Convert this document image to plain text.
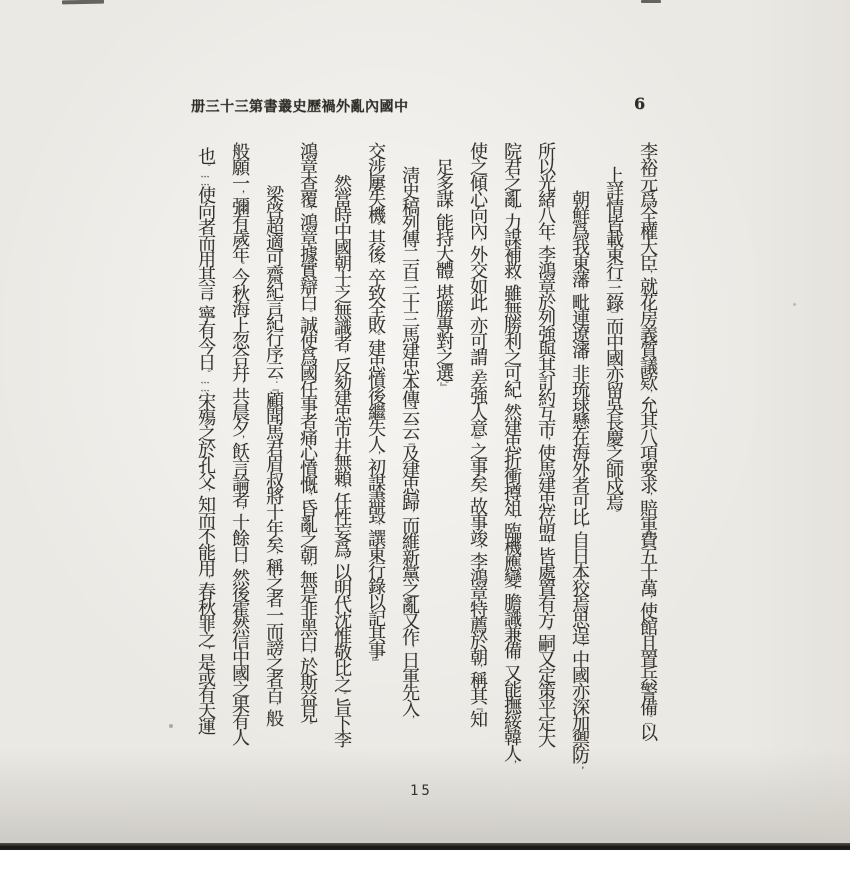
册三十三第書叢史歷禍外亂內國中	6
李裕元爲全權大臣，就花房義質議欵，允其八項要求，賠軍費五十萬，使館且置兵警備。〔以
上詳情皆載東行三錄〕而中國亦留吳長慶之師戍焉。
朝鮮爲我東藩，毗連遼瀋，非琉球懸在海外者可比，自日本狡焉思逞，中國亦深加禦防；
所以光緒八年，李鴻章於列強與其訂約互市，使馬建忠莅盟，皆處置有方。嗣又定策平定大
院君之亂，力謀補救，雖無勝利之可紀，然建忠折衝撙俎，臨機應變，膽識兼備，又能撫綏韓人，
使之傾心向內，外交如此，亦可謂『差強人意』之事矣。故事竣，李鴻章特薦於朝，稱其『知
足多謀，能持大體，堪勝專對之選。』
淸史稿列傳二百三十三馬建忠本傳云云『及建忠歸，而維新黨之亂又作，日軍先入，
交涉屢失機。其後，卒致全敗。建忠憤後繼失人，初謀盡毀，譔東行錄以記其事』
然當時中國朝士之無識者，反劾建忠市井無賴，任性妄爲，以明代沈惟敬比之。旨下李
鴻章查覆，鴻章據實辯白。誠使爲國任事者痛心憤慨，昏亂之朝，無是非黑白，於斯益見。
梁啓超適可齋紀言紀行序云：『顧聞馬君眉叔將十年矣，稱之者一而謗之者百，般
般願一，彌有歲年。今秋海上忽合幷，共晨夕，飫言論者，十餘日，然後霍然信中國之果有人
也。……使向者而用其言，寧有今日。……宋殤之於孔父，知而不能用，春秋罪之，是或有天運
15
